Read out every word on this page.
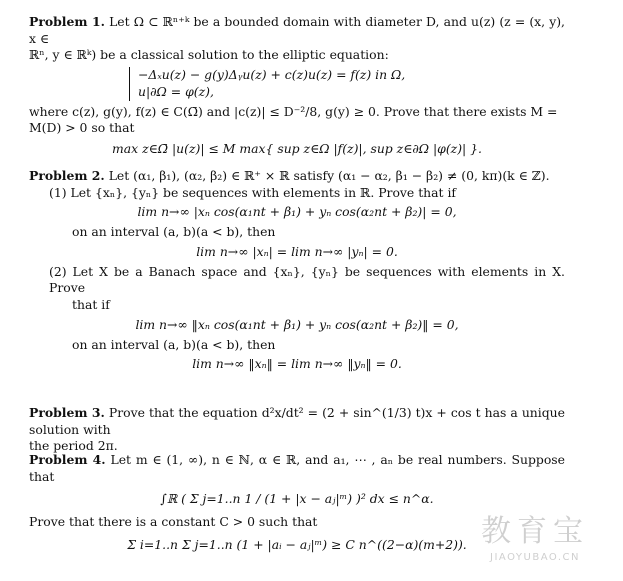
Problem 1. Let Ω ⊂ ℝⁿ⁺ᵏ be a bounded domain with diameter D, and u(z) (z = (x, y), x ∈

ℝⁿ, y ∈ ℝᵏ) be a classical solution to the elliptic equation:

−Δₓu(z) − g(y)Δᵧu(z) + c(z)u(z) = f(z) in Ω,
u|∂Ω = φ(z),

where c(z), g(y), f(z) ∈ C(Ω̄) and |c(z)| ≤ D⁻²/8, g(y) ≥ 0. Prove that there exists M =

M(D) > 0 so that

max z∈Ω̄ |u(z)| ≤ M max{ sup z∈Ω |f(z)|, sup z∈∂Ω |φ(z)| }.

Problem 2. Let (α₁, β₁), (α₂, β₂) ∈ ℝ⁺ × ℝ satisfy (α₁ − α₂, β₁ − β₂) ≠ (0, kπ)(k ∈ ℤ).

(1) Let {xₙ}, {yₙ} be sequences with elements in ℝ. Prove that if

lim n→∞ |xₙ cos(α₁nt + β₁) + yₙ cos(α₂nt + β₂)| = 0,

on an interval (a, b)(a < b), then

lim n→∞ |xₙ| = lim n→∞ |yₙ| = 0.

(2) Let X be a Banach space and {xₙ}, {yₙ} be sequences with elements in X. Prove

that if

lim n→∞ ‖xₙ cos(α₁nt + β₁) + yₙ cos(α₂nt + β₂)‖ = 0,

on an interval (a, b)(a < b), then

lim n→∞ ‖xₙ‖ = lim n→∞ ‖yₙ‖ = 0.

Problem 3. Prove that the equation d²x/dt² = (2 + sin^(1/3) t)x + cos t has a unique solution with

the period 2π.

Problem 4. Let m ∈ (1, ∞), n ∈ ℕ, α ∈ ℝ, and a₁, ⋯ , aₙ be real numbers. Suppose that

∫ℝ ( Σ j=1..n 1 / (1 + |x − aⱼ|ᵐ) )² dx ≤ n^α.

Prove that there is a constant C > 0 such that

Σ i=1..n Σ j=1..n (1 + |aᵢ − aⱼ|ᵐ) ≥ C n^((2−α)(m+2)). 教育宝
JIAOYUBAO.CN
